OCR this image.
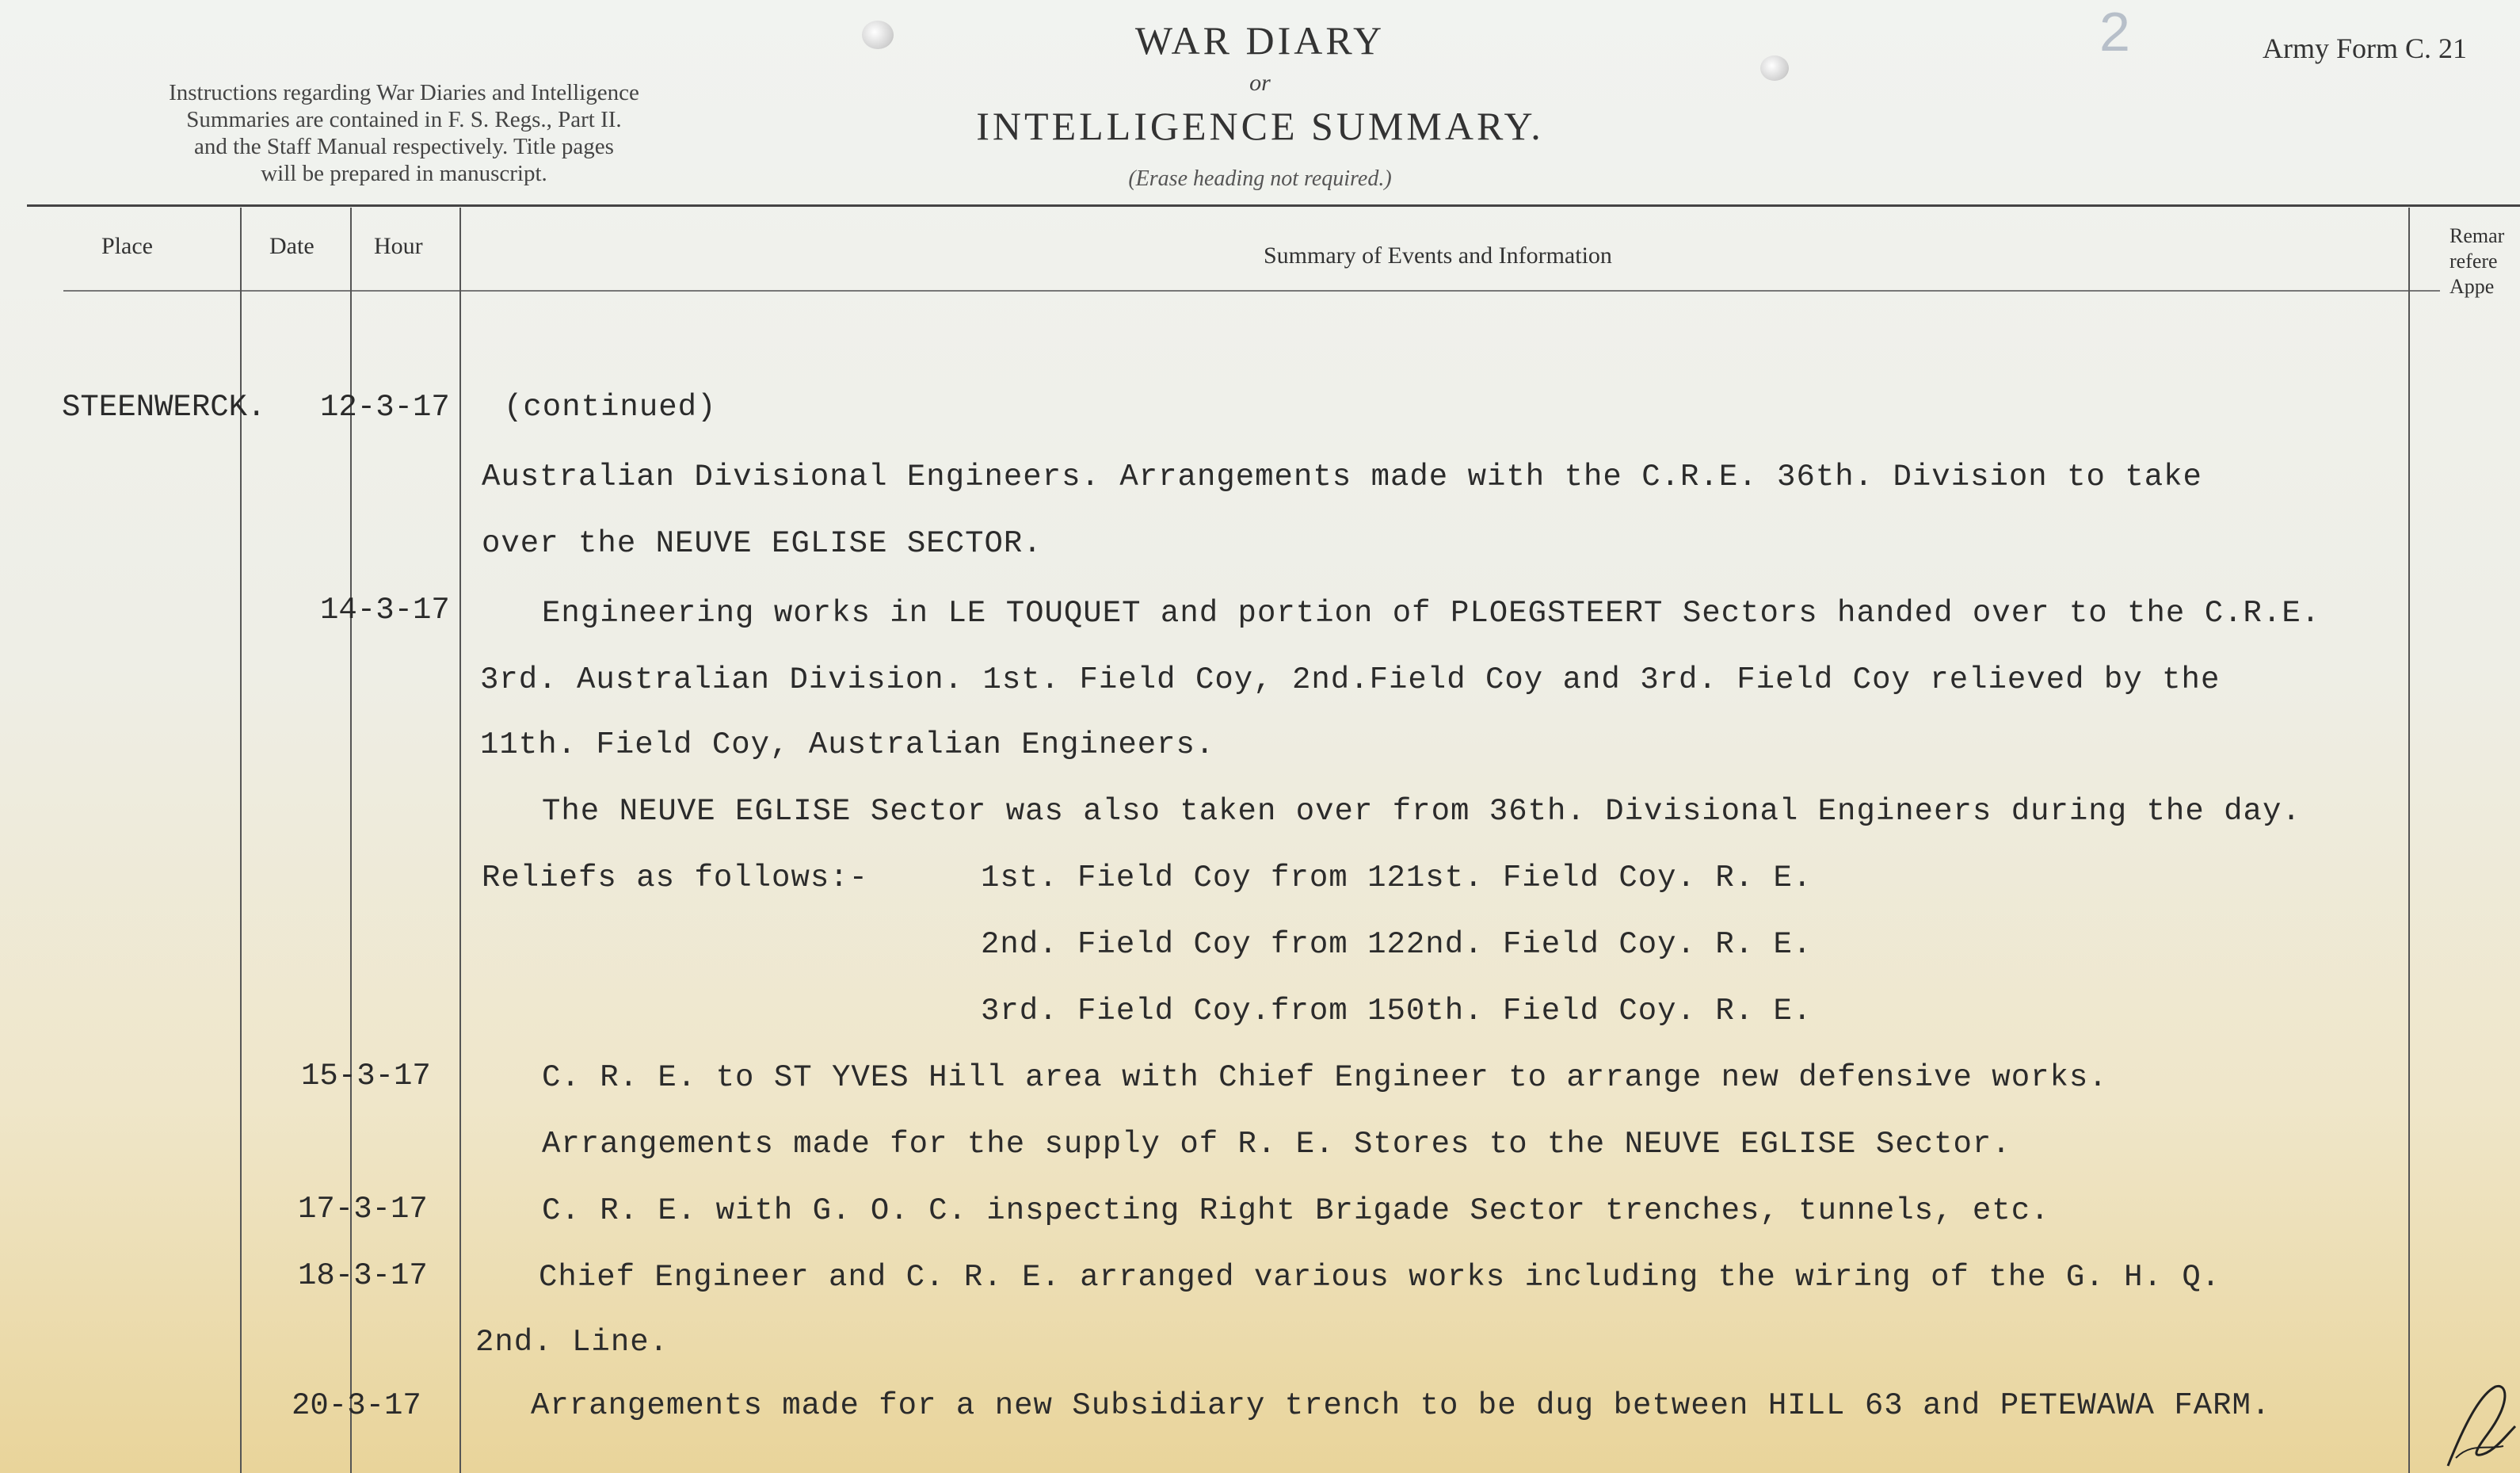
Instructions regarding War Diaries and Intelligence
Summaries are contained in F. S. Regs., Part II.
and the Staff Manual respectively. Title pages
will be prepared in manuscript.
WAR DIARY
or
INTELLIGENCE SUMMARY.
(Erase heading not required.)
Army Form C. 21
2
Place	Date	Hour	Summary of Events and Information
Remar
refere
Appe
STEENWERCK. 12-3-17 (continued)
Australian Divisional Engineers. Arrangements made with the C.R.E. 36th. Division to take
over the NEUVE EGLISE SECTOR.
14-3-17	Engineering works in LE TOUQUET and portion of PLOEGSTEERT Sectors handed over to the C.R.E.
3rd. Australian Division. 1st. Field Coy, 2nd.Field Coy and 3rd. Field Coy relieved by the
11th. Field Coy, Australian Engineers.
The NEUVE EGLISE Sector was also taken over from 36th. Divisional Enginеers during the day.
Reliefs as follows:-	1st. Field Coy from 121st. Field Coy. R. E.
2nd. Field Coy from 122nd. Field Coy. R. E.
3rd. Field Coy.from 150th. Field Coy. R. E.
15-3-17	C. R. E. to ST YVES Hill area with Chief Engineer to arrange new defensive works.
Arrangements made for the supply of R. E. Stores to the NEUVE EGLISE Sector.
17-3-17	C. R. E. with G. O. C. inspecting Right Brigade Sector trenches, tunnels, etc.
18-3-17	Chief Engineer and C. R. E. arranged various works including the wiring of the G. H. Q.
2nd. Line.
20-3-17	Arrangements made for a new Subsidiary trench to be dug between HILL 63 and PETEWAWA FARM.
